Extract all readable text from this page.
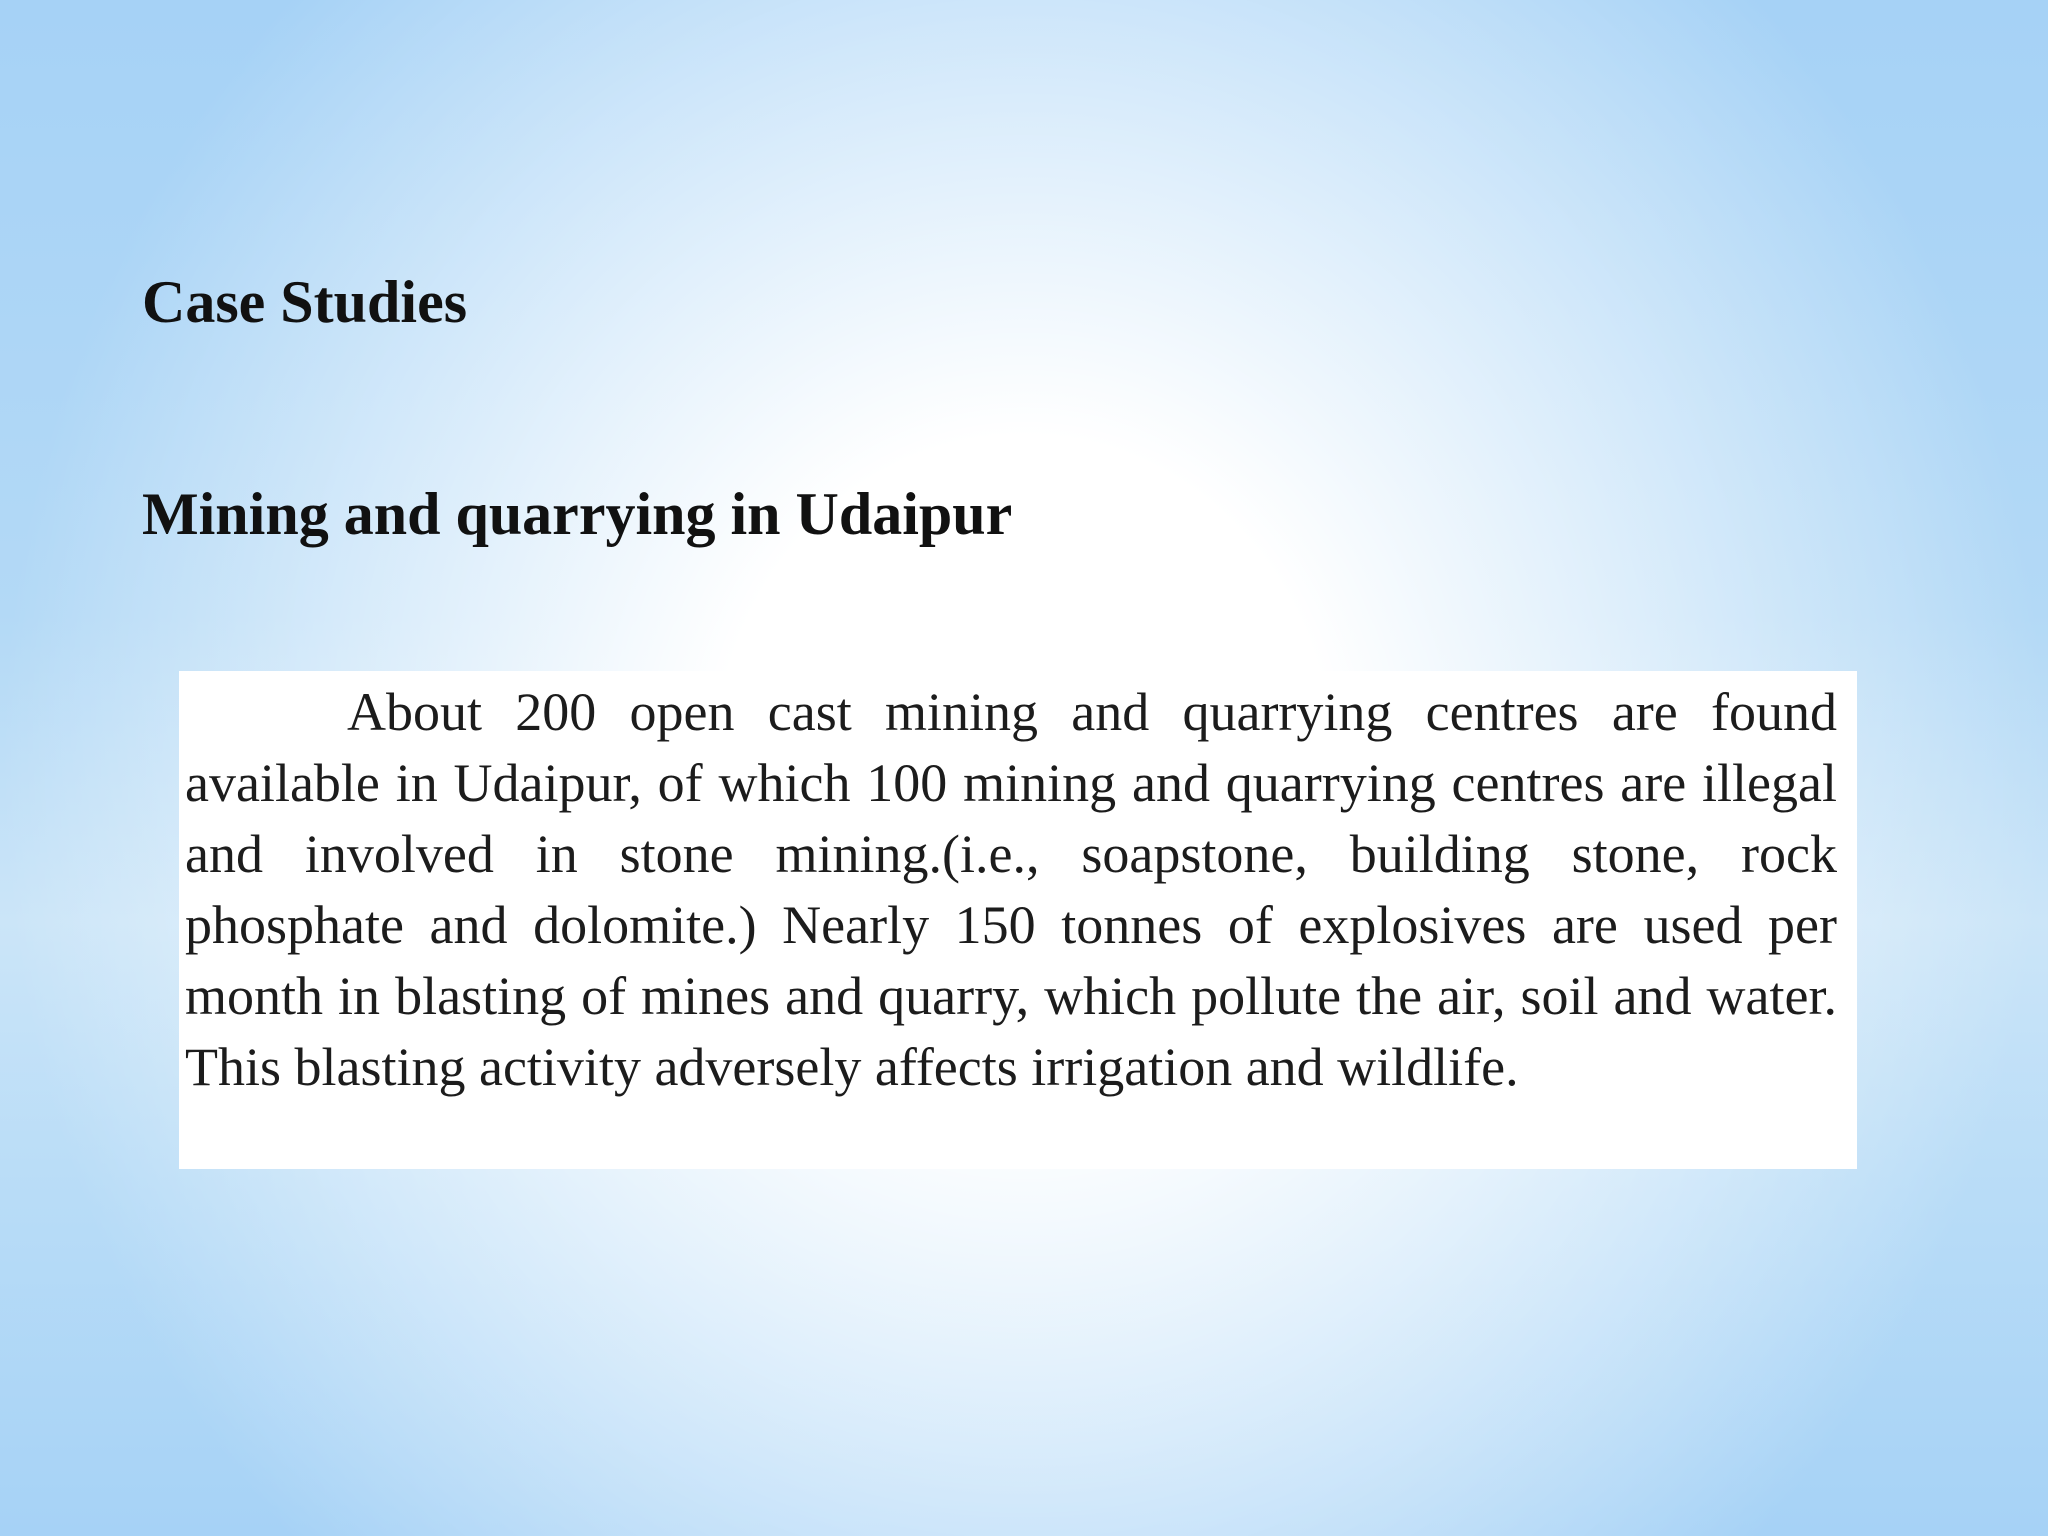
Case Studies
Mining and quarrying in Udaipur

About 200 open cast mining and quarrying centres are found available in Udaipur, of which 100 mining and quarrying centres are illegal and involved in stone mining.(i.e., soapstone, building stone, rock phosphate and dolomite.) Nearly 150 tonnes of explosives are used per month in blasting of mines and quarry, which pollute the air, soil and water. This blasting activity adversely affects irrigation and wildlife.
